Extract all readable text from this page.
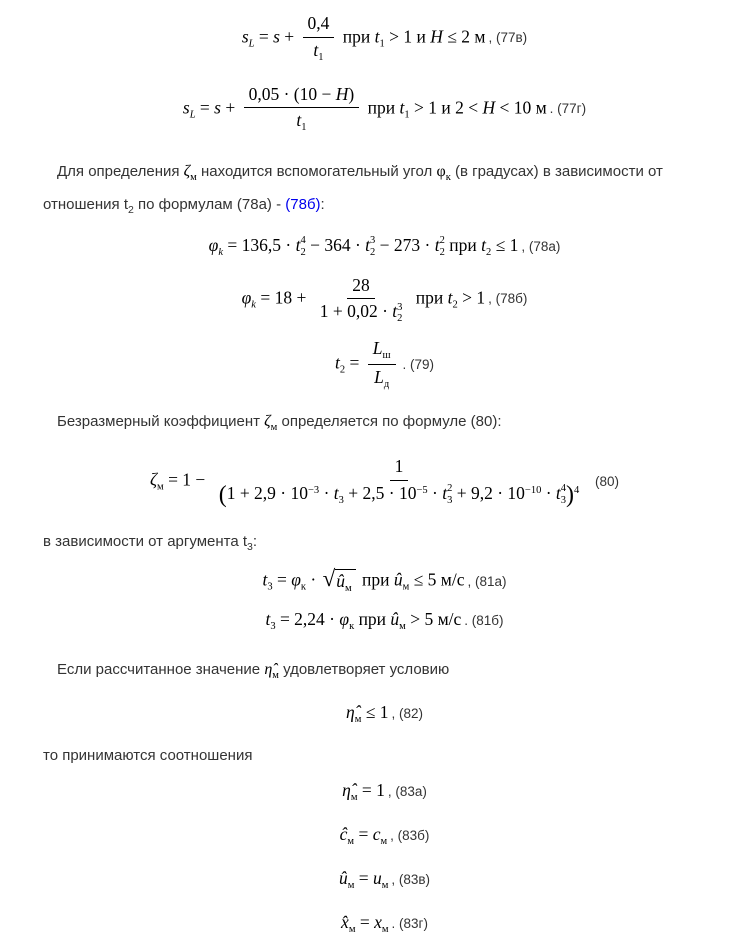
$s_L = s + \frac{0,4}{t_1}$ при $t_1 > 1$ и H ≤ 2 м , (77в)
$s_L = s + \frac{0,05 \cdot (10 - H)}{t_1}$ при $t_1 > 1$ и 2 < H < 10 м . (77г)

Для определения $\zeta_м$ находится вспомогательный угол $\varphi_к$ (в градусах) в зависимости от отношения $t_2$ по формулам (78а) - (78б):

$\varphi_k = 136,5 \cdot t$ 4
2 − 364 · t 3
2 − 273 · t 2
2 при $t_2 \le 1$ , (78а)
$\varphi_k = 18 + 28$
1 + 0,02 · t 3
2 при $t_2 > 1$ , (78б)
$t_2 = \frac{L_ш}{L_д}$ . (79)

Безразмерный коэффициент $\zeta_м$ определяется по формуле (80):

$\zeta_м = 1$ −
1
($1 + 2,9 \cdot 10^{-3} \cdot t_3 + 2,5 \cdot 10^{-5} \cdot t$ 2
$3 + 9,2 \cdot 10^{-10} \cdot t$ 4
3 )$^4$
(80)

в зависимости от аргумента $t_3$:

$t_3 = \varphi_к$ · √ $û_м$ при $û_м \le 5$ м/с , (81а)
$t_3 = 2,24 \cdot \varphi_к$ при $û_м > 5$ м/с . (81б)

Если рассчитанное значение $\etâ_м$ удовлетворяет условию

$\etâ_м \le 1$ , (82)

то принимаются соотношения

$\etâ_м = 1$ , (83а)
$ĉ_м = c_м$ , (83б)
$û_м = u_м$ , (83в)
$x̂_м = x_м$ . (83г)
